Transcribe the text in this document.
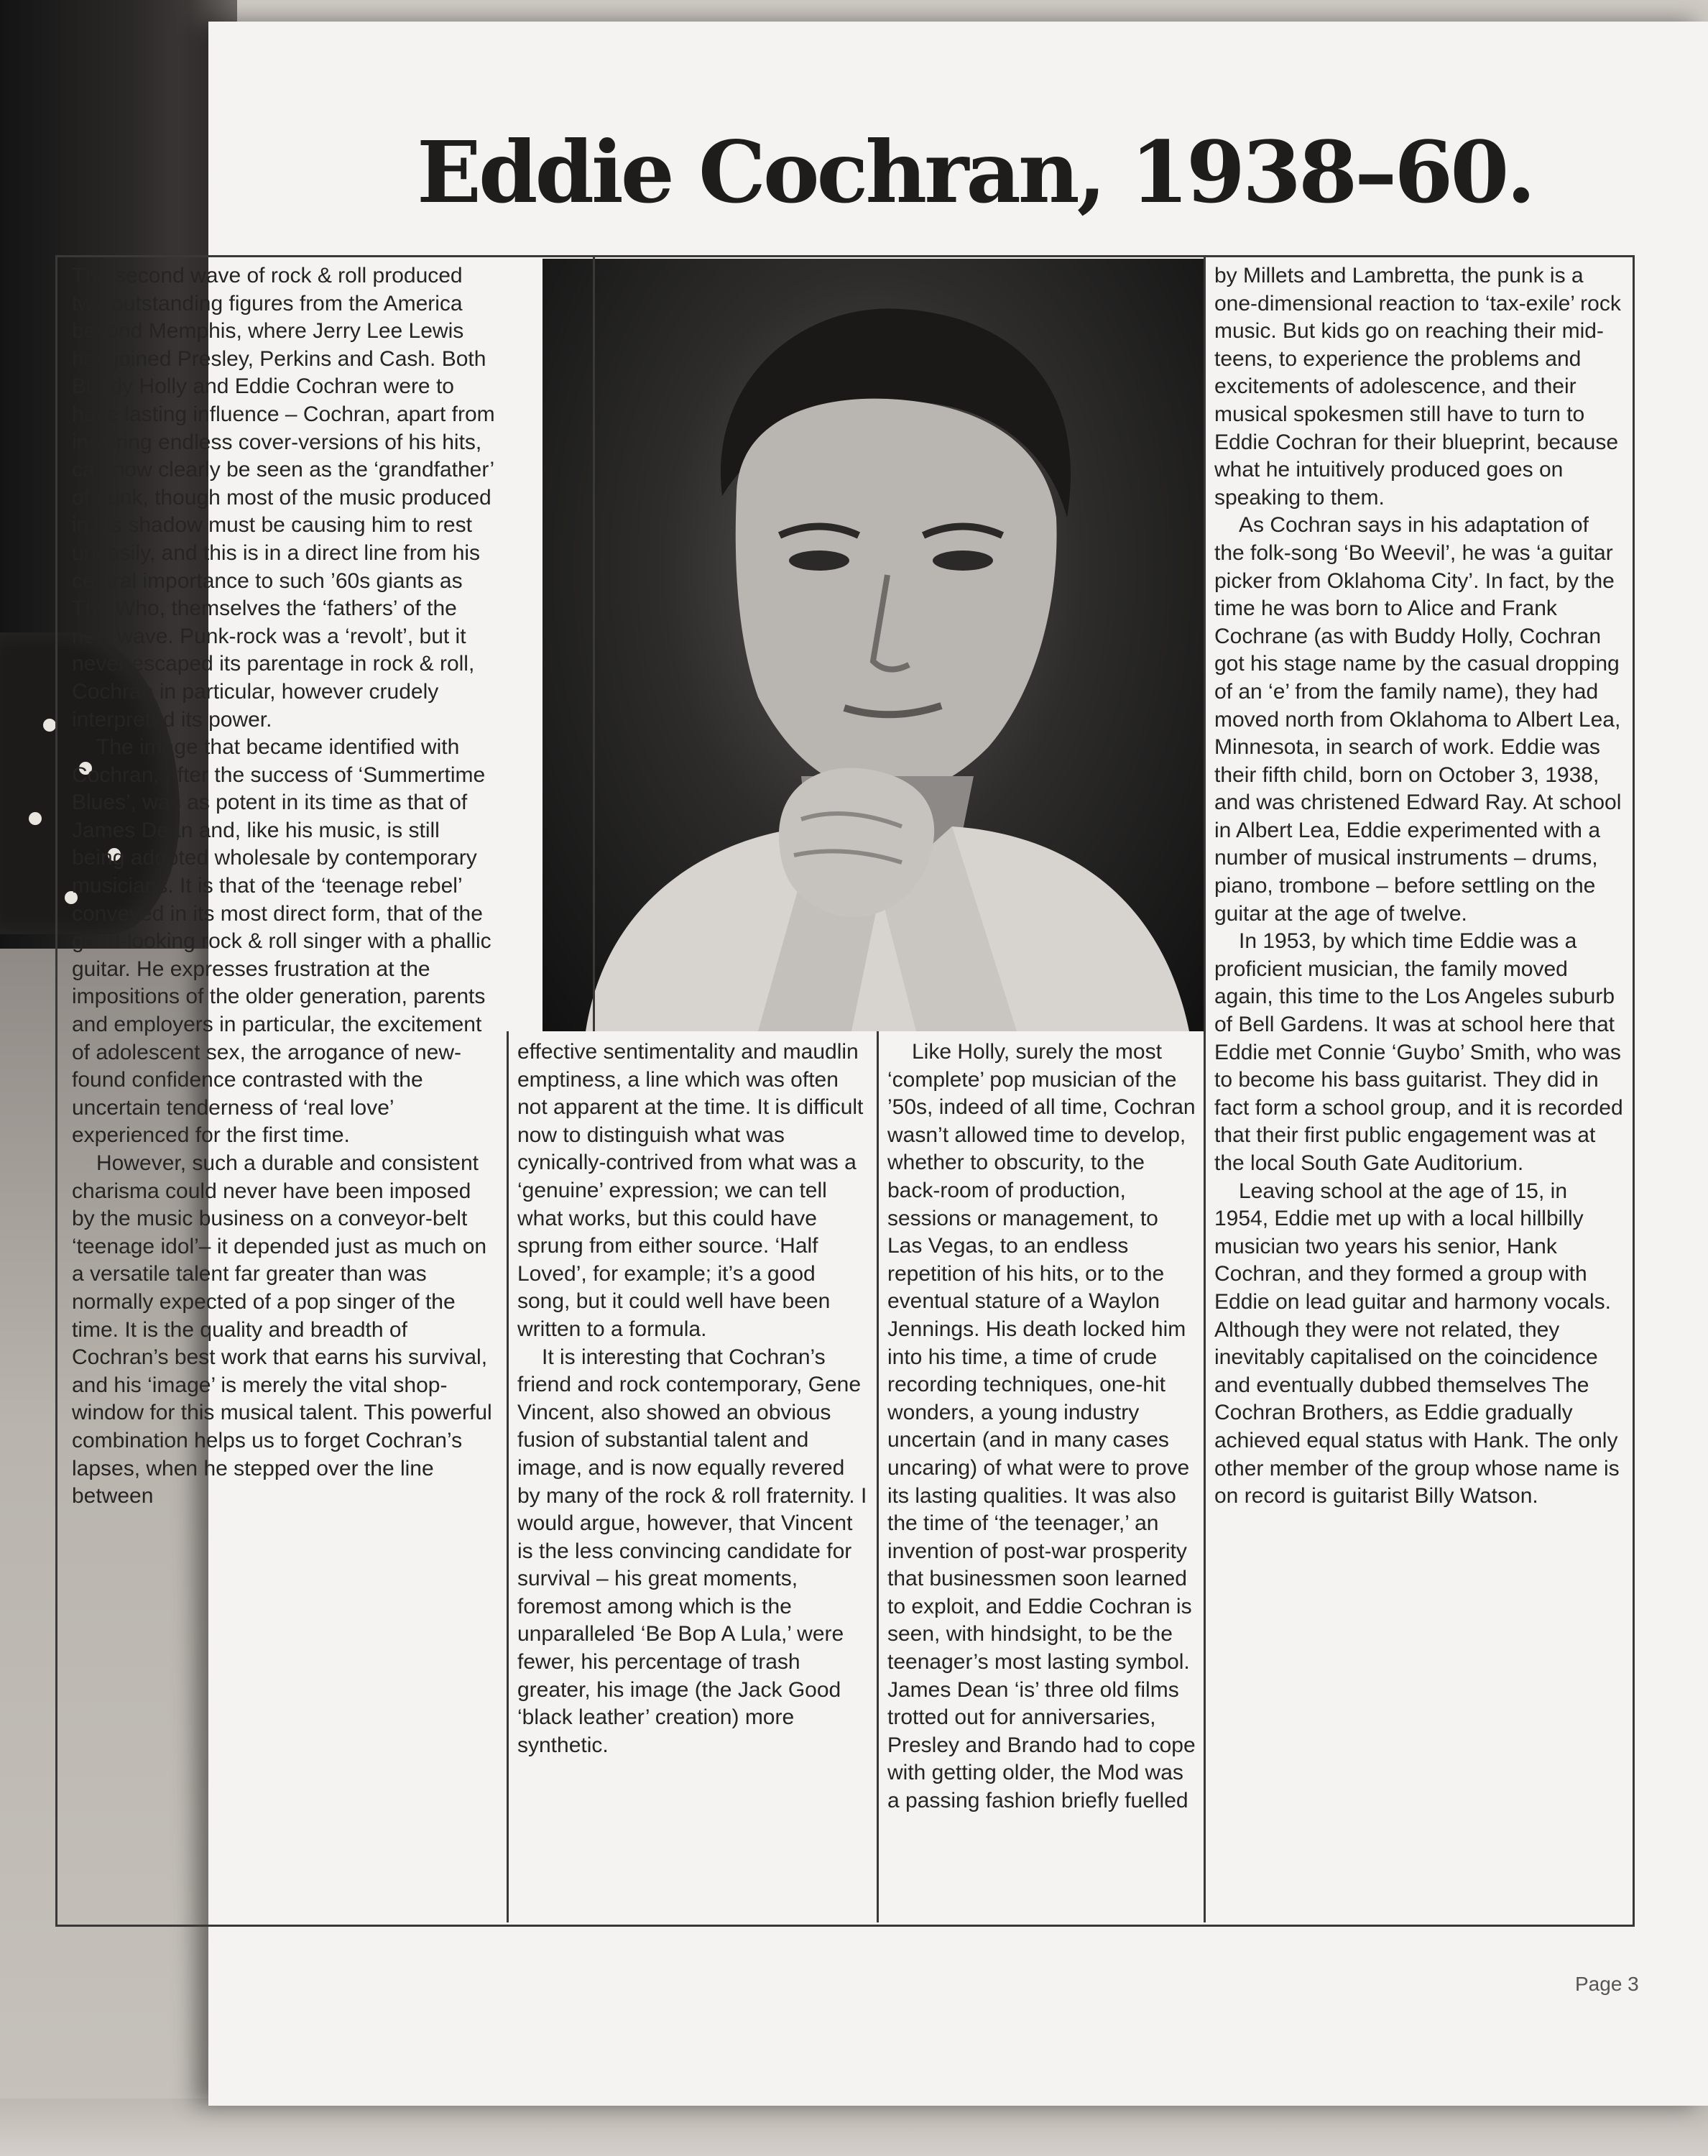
Eddie Cochran, 1938–60.

The second wave of rock & roll produced two outstanding figures from the America beyond Memphis, where Jerry Lee Lewis had joined Presley, Perkins and Cash. Both Buddy Holly and Eddie Cochran were to have lasting influence – Cochran, apart from inspiring endless cover-versions of his hits, can now clearly be seen as the ‘grandfather’ of punk, though most of the music produced in his shadow must be causing him to rest uneasily, and this is in a direct line from his central importance to such ’60s giants as The Who, themselves the ‘fathers’ of the new wave. Punk-rock was a ‘revolt’, but it never escaped its parentage in rock & roll, Cochran in particular, however crudely interpreted its power.

The image that became identified with Cochran, after the success of ‘Summertime Blues’, was as potent in its time as that of James Dean and, like his music, is still being adopted wholesale by contemporary musicians. It is that of the ‘teenage rebel’ conveyed in its most direct form, that of the good-looking rock & roll singer with a phallic guitar. He expresses frustration at the impositions of the older generation, parents and employers in particular, the excitement of adolescent sex, the arrogance of new-found confidence contrasted with the uncertain tenderness of ‘real love’ experienced for the first time.

However, such a durable and consistent charisma could never have been imposed by the music business on a conveyor-belt ‘teenage idol’– it depended just as much on a versatile talent far greater than was normally expected of a pop singer of the time. It is the quality and breadth of Cochran’s best work that earns his survival, and his ‘image’ is merely the vital shop-window for this musical talent. This powerful combination helps us to forget Cochran’s lapses, when he stepped over the line between

effective sentimentality and maudlin emptiness, a line which was often not apparent at the time. It is difficult now to distinguish what was cynically-contrived from what was a ‘genuine’ expression; we can tell what works, but this could have sprung from either source. ‘Half Loved’, for example; it’s a good song, but it could well have been written to a formula.

It is interesting that Cochran’s friend and rock contemporary, Gene Vincent, also showed an obvious fusion of substantial talent and image, and is now equally revered by many of the rock & roll fraternity. I would argue, however, that Vincent is the less convincing candidate for survival – his great moments, foremost among which is the unparalleled ‘Be Bop A Lula,’ were fewer, his percentage of trash greater, his image (the Jack Good ‘black leather’ creation) more synthetic.

Like Holly, surely the most ‘complete’ pop musician of the ’50s, indeed of all time, Cochran wasn’t allowed time to develop, whether to obscurity, to the back-room of production, sessions or management, to Las Vegas, to an endless repetition of his hits, or to the eventual stature of a Waylon Jennings. His death locked him into his time, a time of crude recording techniques, one-hit wonders, a young industry uncertain (and in many cases uncaring) of what were to prove its lasting qualities. It was also the time of ‘the teenager,’ an invention of post-war prosperity that businessmen soon learned to exploit, and Eddie Cochran is seen, with hindsight, to be the teenager’s most lasting symbol. James Dean ‘is’ three old films trotted out for anniversaries, Presley and Brando had to cope with getting older, the Mod was a passing fashion briefly fuelled

by Millets and Lambretta, the punk is a one-dimensional reaction to ‘tax-exile’ rock music. But kids go on reaching their mid-teens, to experience the problems and excitements of adolescence, and their musical spokesmen still have to turn to Eddie Cochran for their blueprint, because what he intuitively produced goes on speaking to them.

As Cochran says in his adaptation of the folk-song ‘Bo Weevil’, he was ‘a guitar picker from Oklahoma City’. In fact, by the time he was born to Alice and Frank Cochrane (as with Buddy Holly, Cochran got his stage name by the casual dropping of an ‘e’ from the family name), they had moved north from Oklahoma to Albert Lea, Minnesota, in search of work. Eddie was their fifth child, born on October 3, 1938, and was christened Edward Ray. At school in Albert Lea, Eddie experimented with a number of musical instruments – drums, piano, trombone – before settling on the guitar at the age of twelve.

In 1953, by which time Eddie was a proficient musician, the family moved again, this time to the Los Angeles suburb of Bell Gardens. It was at school here that Eddie met Connie ‘Guybo’ Smith, who was to become his bass guitarist. They did in fact form a school group, and it is recorded that their first public engagement was at the local South Gate Auditorium.

Leaving school at the age of 15, in 1954, Eddie met up with a local hillbilly musician two years his senior, Hank Cochran, and they formed a group with Eddie on lead guitar and harmony vocals. Although they were not related, they inevitably capitalised on the coincidence and eventually dubbed themselves The Cochran Brothers, as Eddie gradually achieved equal status with Hank. The only other member of the group whose name is on record is guitarist Billy Watson.

Page 3
